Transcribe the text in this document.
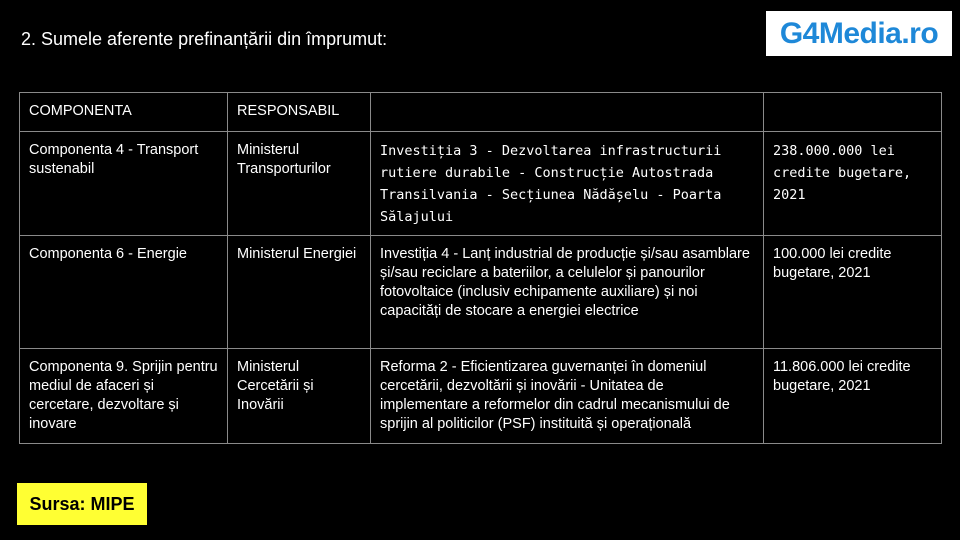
2. Sumele aferente prefinanțării din împrumut:	G4Media.ro
COMPONENTA	RESPONSABIL		
Componenta 4 - Transport sustenabil	Ministerul Transporturilor	Investiția 3 - Dezvoltarea infrastructurii rutiere durabile - Construcție Autostrada Transilvania - Secțiunea Nădășelu - Poarta Sălajului	238.000.000 lei credite bugetare, 2021
Componenta 6 - Energie	Ministerul Energiei	Investiția 4 - Lanț industrial de producție și/sau asamblare și/sau reciclare a bateriilor, a celulelor și panourilor fotovoltaice (inclusiv echipamente auxiliare) și noi capacități de stocare a energiei electrice	100.000 lei credite bugetare, 2021
Componenta 9. Sprijin pentru mediul de afaceri și cercetare, dezvoltare și inovare	Ministerul Cercetării și Inovării	Reforma 2 - Eficientizarea guvernanței în domeniul cercetării, dezvoltării și inovării - Unitatea de implementare a reformelor din cadrul mecanismului de sprijin al politicilor (PSF) instituită și operațională	11.806.000 lei credite bugetare, 2021
Sursa: MIPE
